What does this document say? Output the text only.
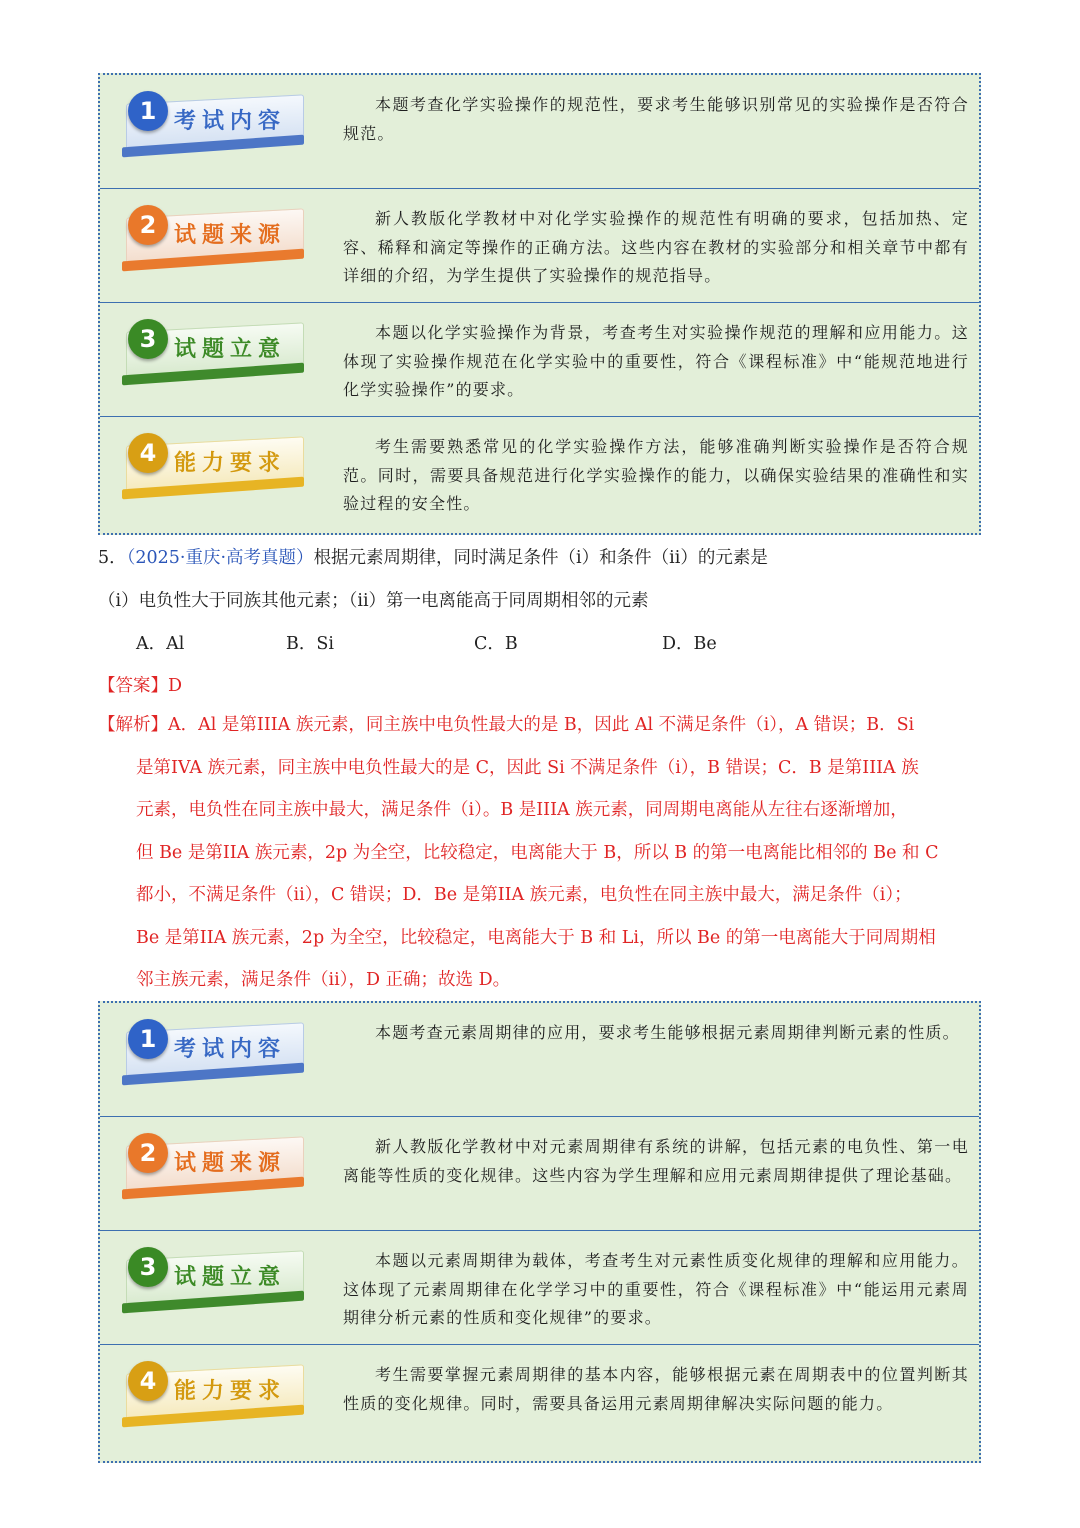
1 考试内容
本题考查化学实验操作的规范性，要求考生能够识别常见的实验操作是否符合规范。
2 试题来源
新人教版化学教材中对化学实验操作的规范性有明确的要求，包括加热、定容、稀释和滴定等操作的正确方法。这些内容在教材的实验部分和相关章节中都有详细的介绍，为学生提供了实验操作的规范指导。
3 试题立意
本题以化学实验操作为背景，考查考生对实验操作规范的理解和应用能力。这体现了实验操作规范在化学实验中的重要性，符合《课程标准》中“能规范地进行化学实验操作”的要求。
4 能力要求
考生需要熟悉常见的化学实验操作方法，能够准确判断实验操作是否符合规范。同时，需要具备规范进行化学实验操作的能力，以确保实验结果的准确性和实验过程的安全性。
5．（2025·重庆·高考真题）根据元素周期律，同时满足条件（i）和条件（ii）的元素是
（i）电负性大于同族其他元素；（ii）第一电离能高于同周期相邻的元素
A．Al	B．Si	C．B	D．Be
【答案】D
【解析】A．Al 是第IIIA 族元素，同主族中电负性最大的是 B，因此 Al 不满足条件（i），A 错误；B．Si
是第IVA 族元素，同主族中电负性最大的是 C，因此 Si 不满足条件（i），B 错误；C．B 是第IIIA 族
元素，电负性在同主族中最大，满足条件（i）。B 是IIIA 族元素，同周期电离能从左往右逐渐增加，
但 Be 是第IIA 族元素，2p 为全空，比较稳定，电离能大于 B，所以 B 的第一电离能比相邻的 Be 和 C
都小，不满足条件（ii），C 错误；D．Be 是第IIA 族元素，电负性在同主族中最大，满足条件（i）；
Be 是第IIA 族元素，2p 为全空，比较稳定，电离能大于 B 和 Li，所以 Be 的第一电离能大于同周期相
邻主族元素，满足条件（ii），D 正确；故选 D。
1 考试内容
本题考查元素周期律的应用，要求考生能够根据元素周期律判断元素的性质。
2 试题来源
新人教版化学教材中对元素周期律有系统的讲解，包括元素的电负性、第一电离能等性质的变化规律。这些内容为学生理解和应用元素周期律提供了理论基础。
3 试题立意
本题以元素周期律为载体，考查考生对元素性质变化规律的理解和应用能力。这体现了元素周期律在化学学习中的重要性，符合《课程标准》中“能运用元素周期律分析元素的性质和变化规律”的要求。
4 能力要求
考生需要掌握元素周期律的基本内容，能够根据元素在周期表中的位置判断其性质的变化规律。同时，需要具备运用元素周期律解决实际问题的能力。
